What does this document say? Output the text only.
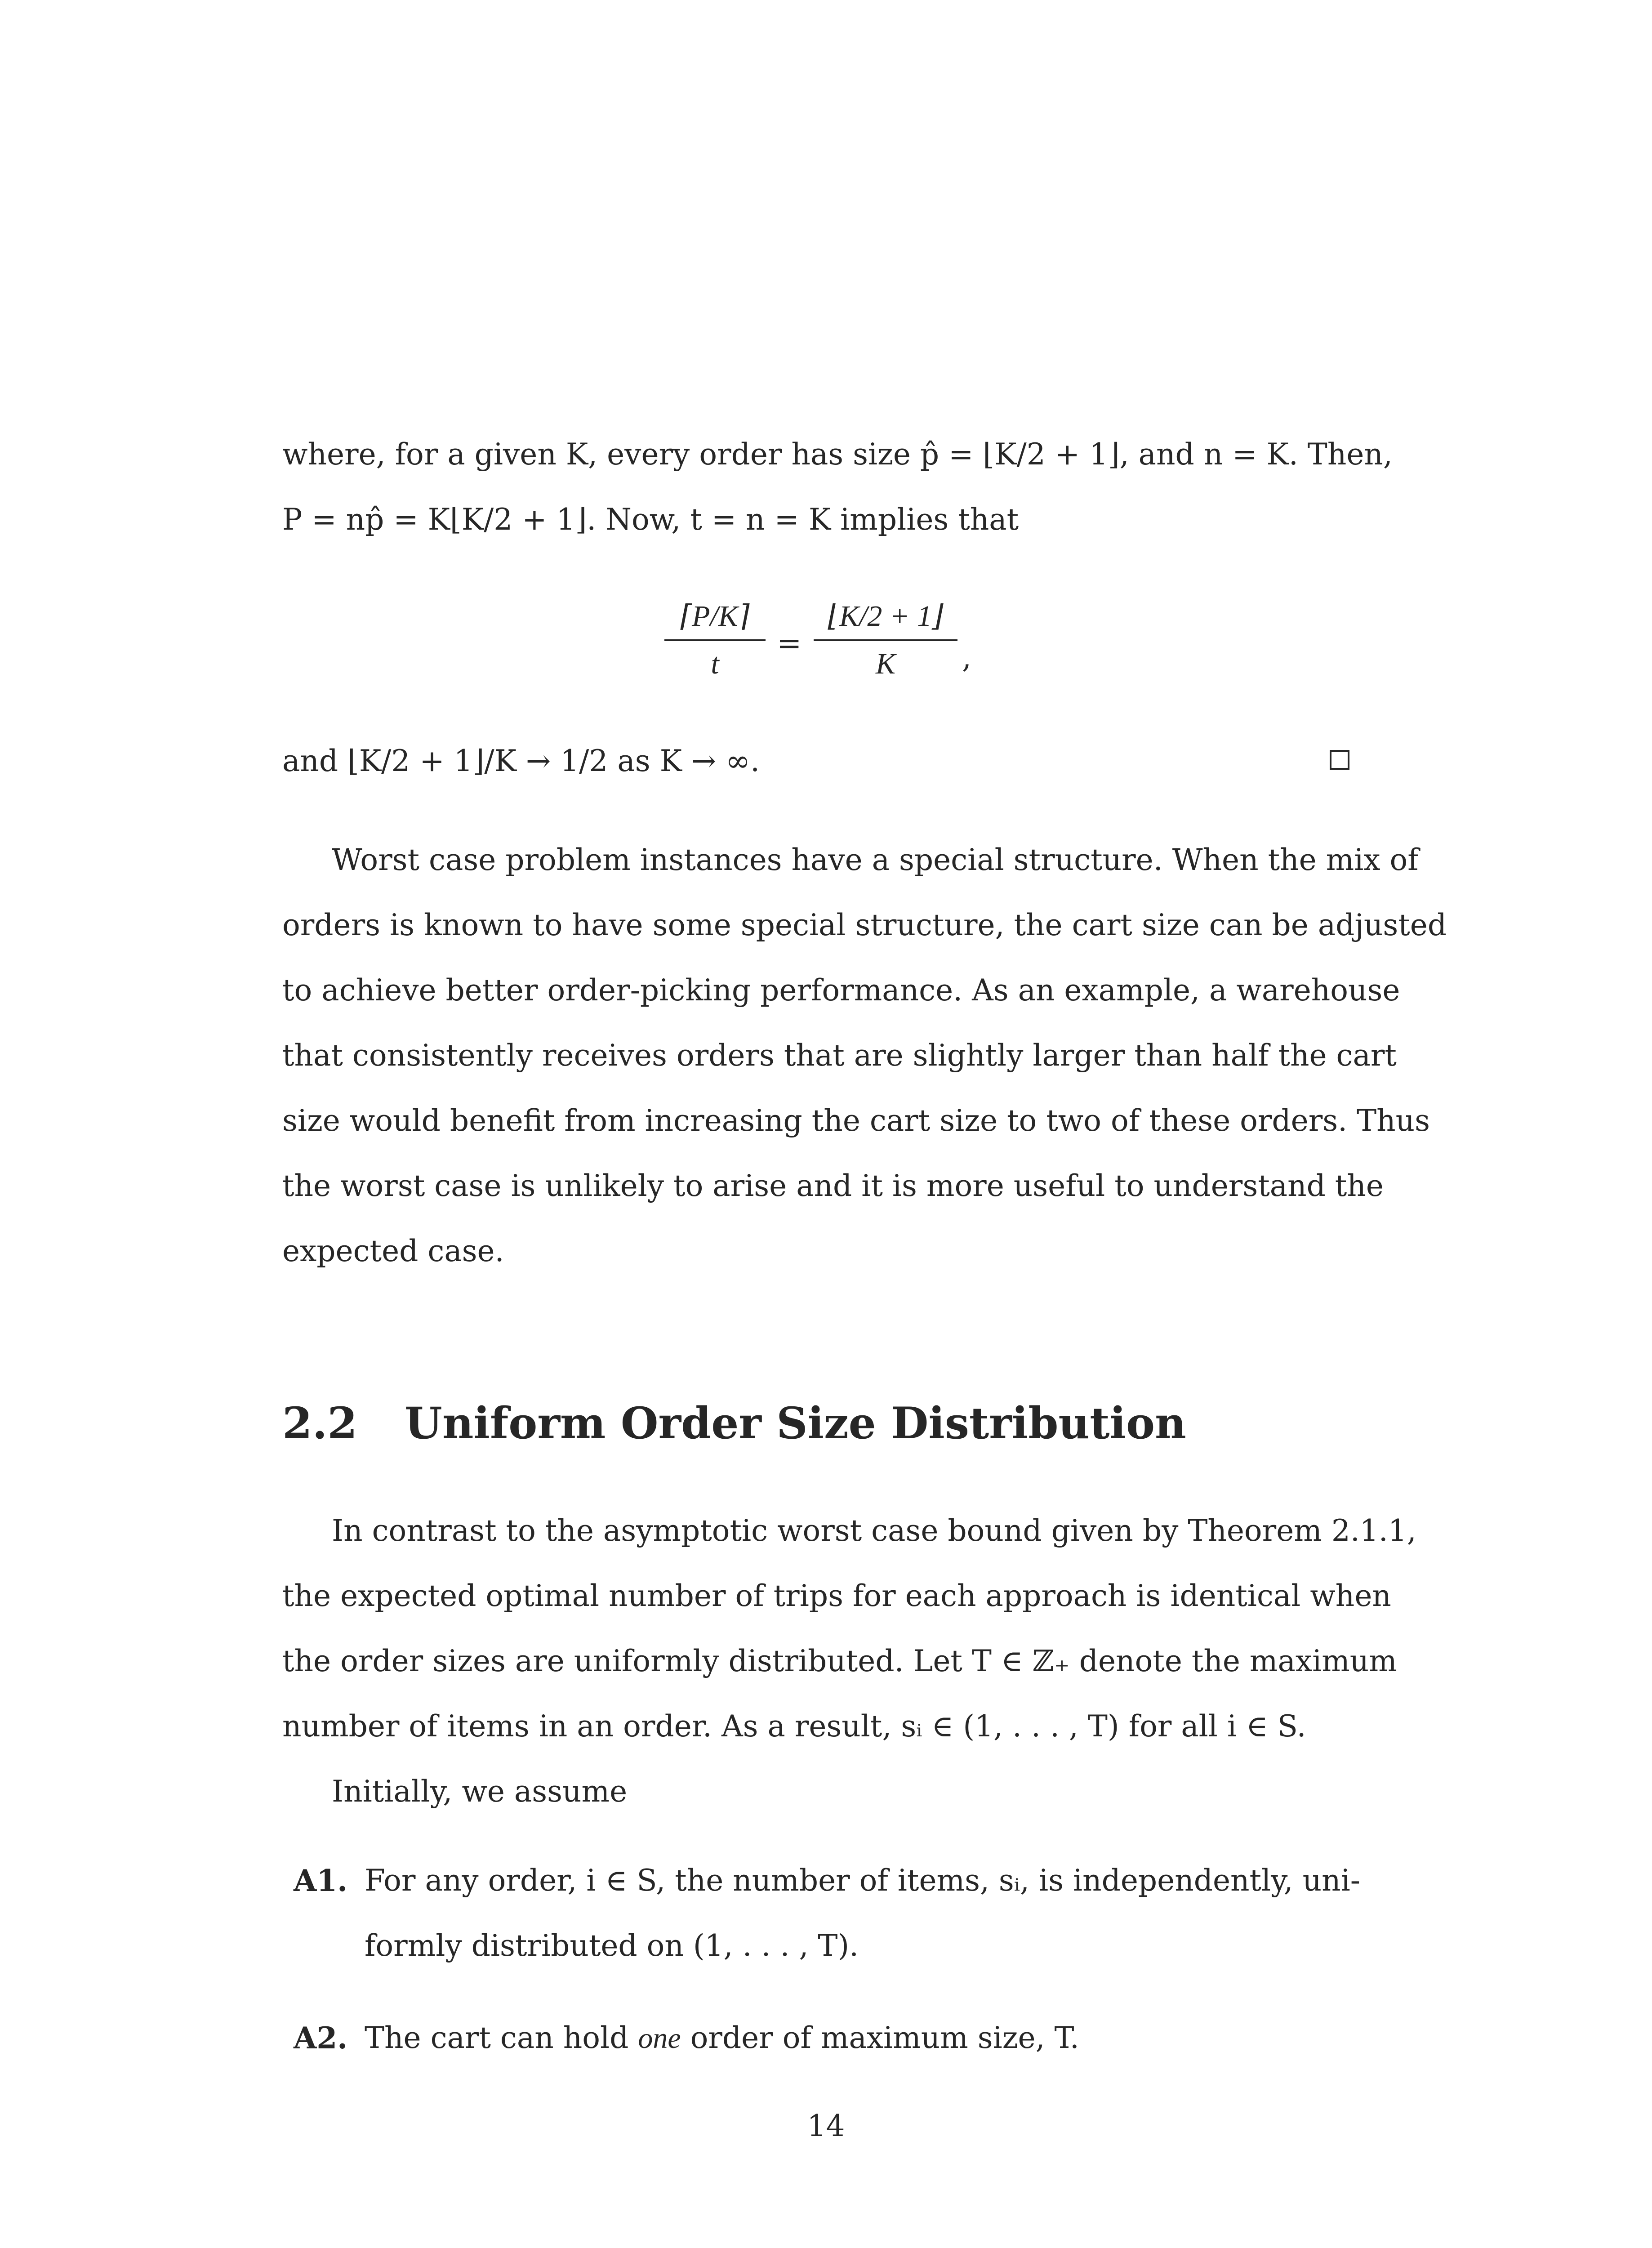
where, for a given K, every order has size p̂ = ⌊K/2 + 1⌋, and n = K. Then,
P = np̂ = K⌊K/2 + 1⌋. Now, t = n = K implies that
⌈P/K⌉
t
=
⌊K/2 + 1⌋
K ,
and ⌊K/2 + 1⌋/K → 1/2 as K → ∞.
Worst case problem instances have a special structure. When the mix of
orders is known to have some special structure, the cart size can be adjusted
to achieve better order-picking performance. As an example, a warehouse
that consistently receives orders that are slightly larger than half the cart
size would benefit from increasing the cart size to two of these orders. Thus
the worst case is unlikely to arise and it is more useful to understand the
expected case.
2.2 Uniform Order Size Distribution
In contrast to the asymptotic worst case bound given by Theorem 2.1.1,
the expected optimal number of trips for each approach is identical when
the order sizes are uniformly distributed. Let T ∈ ℤ₊ denote the maximum
number of items in an order. As a result, sᵢ ∈ (1, . . . , T) for all i ∈ S.
Initially, we assume
A1. For any order, i ∈ S, the number of items, sᵢ, is independently, uni-
formly distributed on (1, . . . , T).
A2. The cart can hold one order of maximum size, T.
14
